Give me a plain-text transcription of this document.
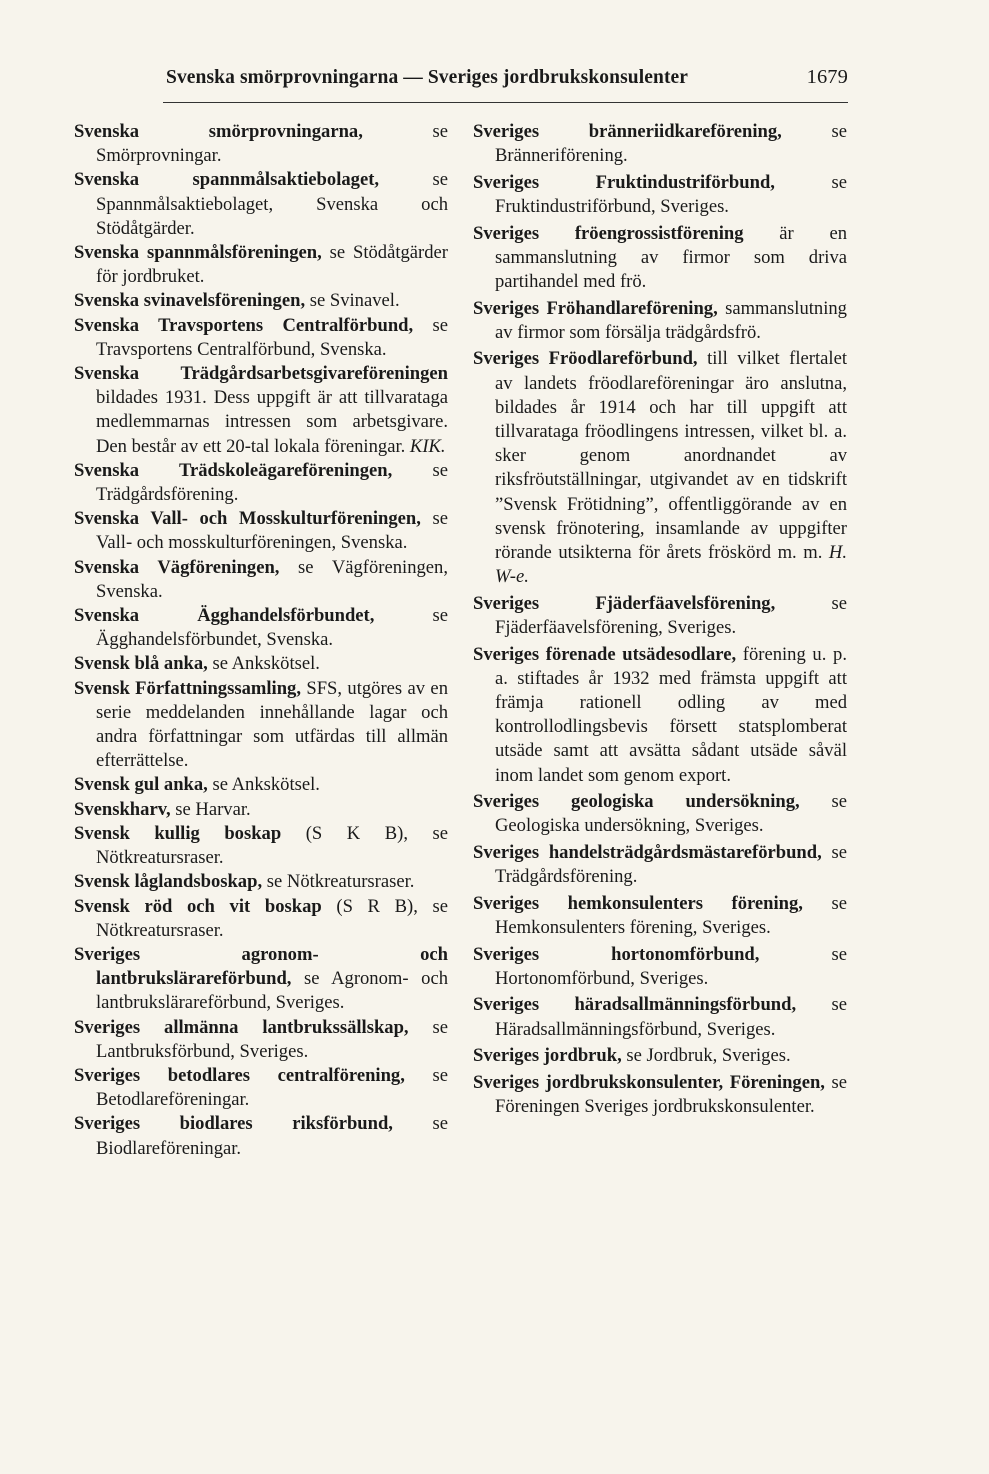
Svenska smörprovningarna — Sveriges jordbrukskonsulenter	1679

Svenska smörprovningarna, se Smörprovningar.

Svenska spannmålsaktiebolaget, se Spannmålsaktiebolaget, Svenska och Stödåtgärder.

Svenska spannmålsföreningen, se Stödåtgärder för jordbruket.

Svenska svinavelsföreningen, se Svinavel.

Svenska Travsportens Centralförbund, se Travsportens Centralförbund, Svenska.

Svenska Trädgårdsarbetsgivareföreningen bildades 1931. Dess uppgift är att tillvarataga medlemmarnas intressen som arbetsgivare. Den består av ett 20-tal lokala föreningar. KIK.

Svenska Trädskoleägareföreningen, se Trädgårdsförening.

Svenska Vall- och Mosskulturföreningen, se Vall- och mosskulturföreningen, Svenska.

Svenska Vägföreningen, se Vägföreningen, Svenska.

Svenska Ägghandelsförbundet, se Ägghandelsförbundet, Svenska.

Svensk blå anka, se Ankskötsel.

Svensk Författningssamling, SFS, utgöres av en serie meddelanden innehållande lagar och andra författningar som utfärdas till allmän efterrättelse.

Svensk gul anka, se Ankskötsel.

Svenskharv, se Harvar.

Svensk kullig boskap (S K B), se Nötkreatursraser.

Svensk låglandsboskap, se Nötkreatursraser.

Svensk röd och vit boskap (S R B), se Nötkreatursraser.

Sveriges agronom- och lantbrukslärareförbund, se Agronom- och lantbrukslärareförbund, Sveriges.

Sveriges allmänna lantbrukssällskap, se Lantbruksförbund, Sveriges.

Sveriges betodlares centralförening, se Betodlareföreningar.

Sveriges biodlares riksförbund, se Biodlareföreningar.

Sveriges bränneriidkareförening, se Bränneriförening.

Sveriges Fruktindustriförbund, se Fruktindustriförbund, Sveriges.

Sveriges fröengrossistförening är en sammanslutning av firmor som driva partihandel med frö.

Sveriges Fröhandlareförening, sammanslutning av firmor som försälja trädgårdsfrö.

Sveriges Fröodlareförbund, till vilket flertalet av landets fröodlareföreningar äro anslutna, bildades år 1914 och har till uppgift att tillvarataga fröodlingens intressen, vilket bl. a. sker genom anordnandet av riksfröutställningar, utgivandet av en tidskrift ”Svensk Frötidning”, offentliggörande av en svensk frönotering, insamlande av uppgifter rörande utsikterna för årets fröskörd m. m. H. W-e.

Sveriges Fjäderfäavelsförening, se Fjäderfäavelsförening, Sveriges.

Sveriges förenade utsädesodlare, förening u. p. a. stiftades år 1932 med främsta uppgift att främja rationell odling av med kontrollodlingsbevis försett statsplomberat utsäde samt att avsätta sådant utsäde såväl inom landet som genom export.

Sveriges geologiska undersökning, se Geologiska undersökning, Sveriges.

Sveriges handelsträdgårdsmästareförbund, se Trädgårdsförening.

Sveriges hemkonsulenters förening, se Hemkonsulenters förening, Sveriges.

Sveriges hortonomförbund, se Hortonomförbund, Sveriges.

Sveriges häradsallmänningsförbund, se Häradsallmänningsförbund, Sveriges.

Sveriges jordbruk, se Jordbruk, Sveriges.

Sveriges jordbrukskonsulenter, Föreningen, se Föreningen Sveriges jordbrukskonsulenter.
